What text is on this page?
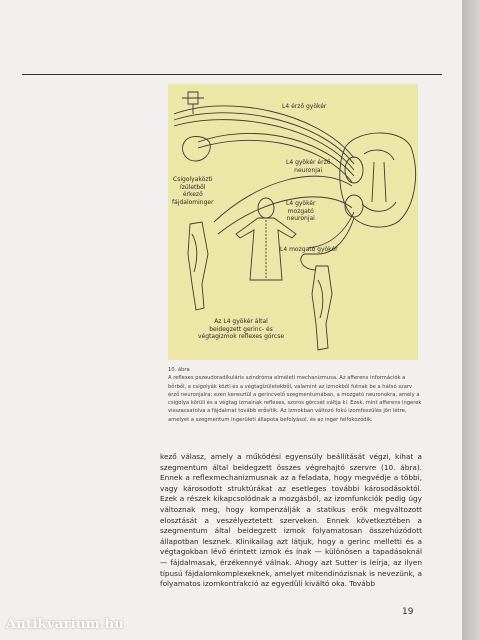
L4 érző gyökér
L4 gyökér érző
neuronjai
Csigolyaközti
ízületből
érkező
fájdalominger	L4 gyökér
mozgató
neuronjai
L4 mozgató gyökér
Az L4 gyökér által
beidegzett gerinc- és
végtagizmok reflexes görcse
10. ábra
A reflexes pszeudoradikuláris szindróma elméleti mechanizmusa. Az afferens információk a bőrből, a csigolyák közti és a végtagízületekből, valamint az izmokból futnak be a hátsó szarv érző neuronjaira; ezen keresztül a gerincvelő szegmentumában, a mozgató neuronokra, amely a csigolya körüli és a végtag izmainak reflexes, szoros görcsét váltja ki. Ezek, mint afferens ingerek visszacsatolva a fájdalmat tovább erősítik. Az izmokban változó fokú izomfeszülés jön létre, amelyet a szegmentum ingerületi állapota befolyásol, és az inger felfokozódik.

kező válasz, amely a működési egyensúly beállítását végzi, kihat a szegmentum által beidegzett összes végrehajtó szervre (10. ábra). Ennek a reflexmechanizmusnak az a feladata, hogy megvédje a többi, vagy károsodott struktúrákat az esetleges további károsodásoktól. Ezek a részek kikapcsolódnak a mozgásból, az izomfunkciók pedig úgy változnak meg, hogy kompenzálják a statikus erők megváltozott elosztását a veszélyeztetett szerveken. Ennek következtében a szegmentum által beidegzett izmok folyamatosan összehúzódott állapotban lesznek. Klinikailag azt látjuk, hogy a gerinc melletti és a végtagokban lévő érintett izmok és ínak — különösen a tapadásoknál — fájdalmasak, érzékennyé válnak. Ahogy azt Sutter is leírja, az ilyen típusú fájdalomkomplexeknek, amelyet mitendinózisnak is nevezünk, a folyamatos izomkontrakció az egyedüli kiváltó oka. Tovább

19
Antikvarium.hu
